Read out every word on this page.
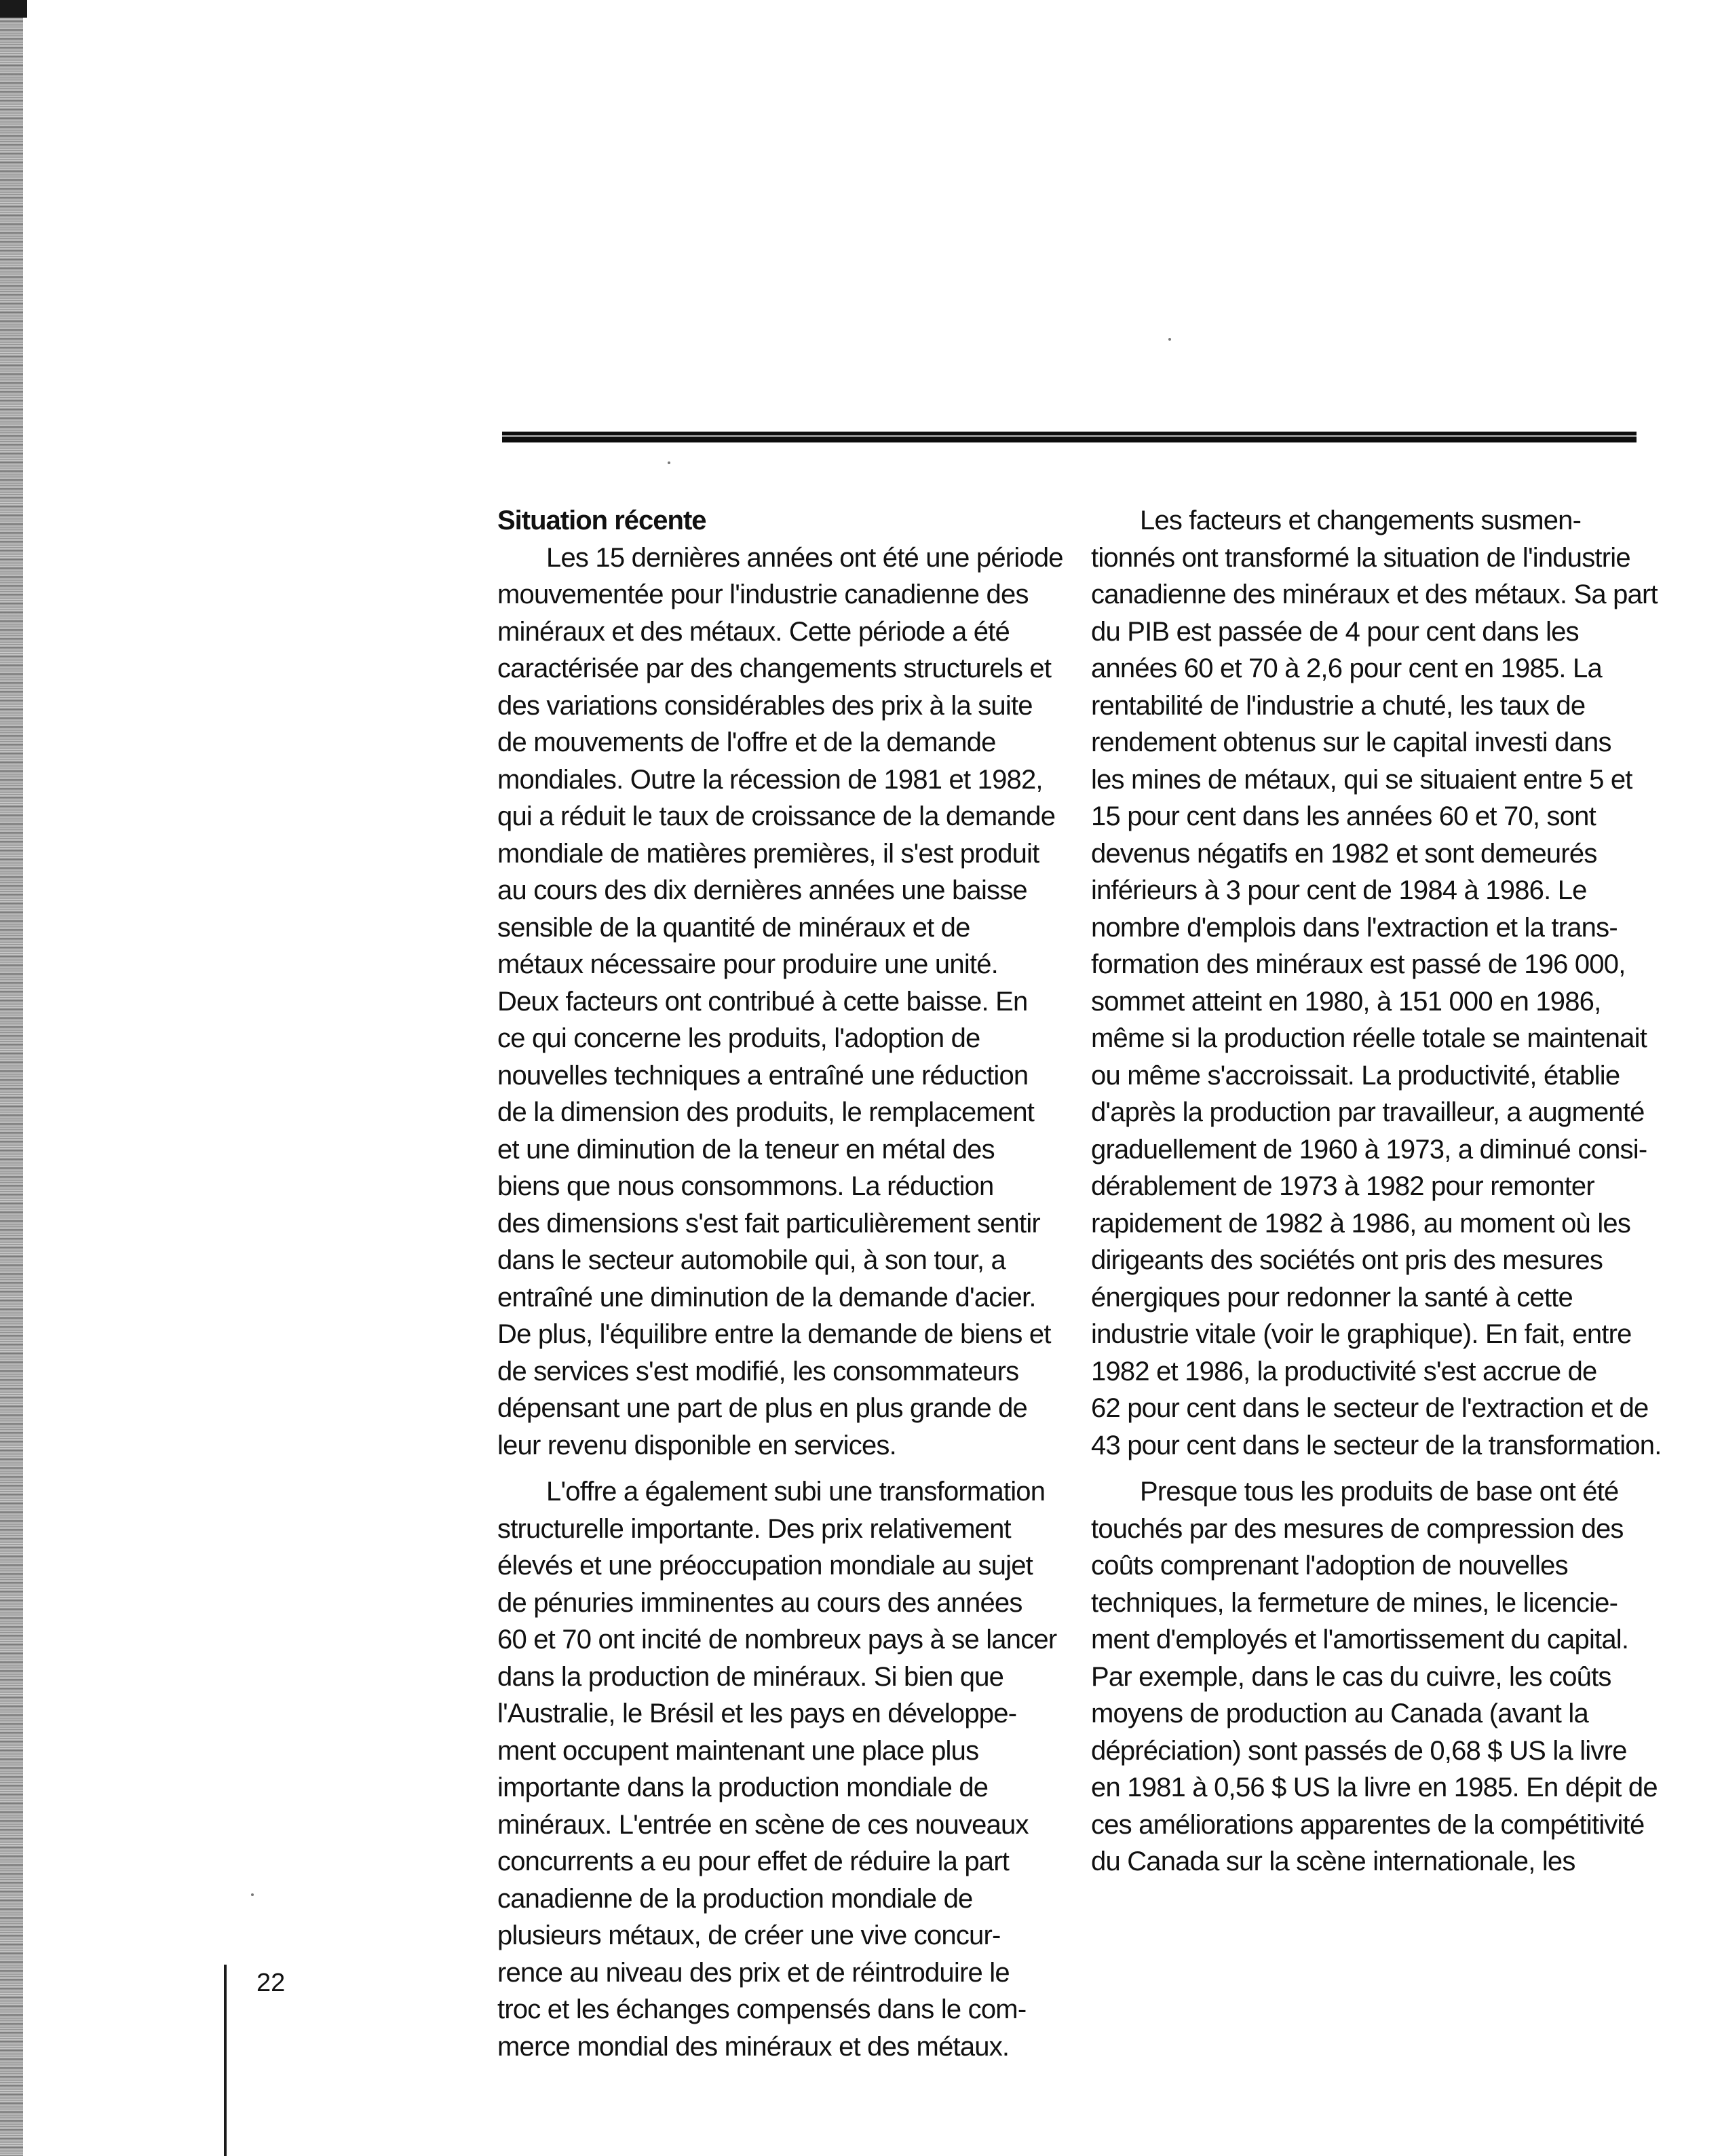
Situation récente

Les 15 dernières années ont été une période
mouvementée pour l'industrie canadienne des
minéraux et des métaux. Cette période a été
caractérisée par des changements structurels et
des variations considérables des prix à la suite
de mouvements de l'offre et de la demande
mondiales. Outre la récession de 1981 et 1982,
qui a réduit le taux de croissance de la demande
mondiale de matières premières, il s'est produit
au cours des dix dernières années une baisse
sensible de la quantité de minéraux et de
métaux nécessaire pour produire une unité.
Deux facteurs ont contribué à cette baisse. En
ce qui concerne les produits, l'adoption de
nouvelles techniques a entraîné une réduction
de la dimension des produits, le remplacement
et une diminution de la teneur en métal des
biens que nous consommons. La réduction
des dimensions s'est fait particulièrement sentir
dans le secteur automobile qui, à son tour, a
entraîné une diminution de la demande d'acier.
De plus, l'équilibre entre la demande de biens et
de services s'est modifié, les consommateurs
dépensant une part de plus en plus grande de
leur revenu disponible en services.

L'offre a également subi une transformation
structurelle importante. Des prix relativement
élevés et une préoccupation mondiale au sujet
de pénuries imminentes au cours des années
60 et 70 ont incité de nombreux pays à se lancer
dans la production de minéraux. Si bien que
l'Australie, le Brésil et les pays en développe-
ment occupent maintenant une place plus
importante dans la production mondiale de
minéraux. L'entrée en scène de ces nouveaux
concurrents a eu pour effet de réduire la part
canadienne de la production mondiale de
plusieurs métaux, de créer une vive concur-
rence au niveau des prix et de réintroduire le
troc et les échanges compensés dans le com-
merce mondial des minéraux et des métaux.

Les facteurs et changements susmen-
tionnés ont transformé la situation de l'industrie
canadienne des minéraux et des métaux. Sa part
du PIB est passée de 4 pour cent dans les
années 60 et 70 à 2,6 pour cent en 1985. La
rentabilité de l'industrie a chuté, les taux de
rendement obtenus sur le capital investi dans
les mines de métaux, qui se situaient entre 5 et
15 pour cent dans les années 60 et 70, sont
devenus négatifs en 1982 et sont demeurés
inférieurs à 3 pour cent de 1984 à 1986. Le
nombre d'emplois dans l'extraction et la trans-
formation des minéraux est passé de 196 000,
sommet atteint en 1980, à 151 000 en 1986,
même si la production réelle totale se maintenait
ou même s'accroissait. La productivité, établie
d'après la production par travailleur, a augmenté
graduellement de 1960 à 1973, a diminué consi-
dérablement de 1973 à 1982 pour remonter
rapidement de 1982 à 1986, au moment où les
dirigeants des sociétés ont pris des mesures
énergiques pour redonner la santé à cette
industrie vitale (voir le graphique). En fait, entre
1982 et 1986, la productivité s'est accrue de
62 pour cent dans le secteur de l'extraction et de
43 pour cent dans le secteur de la transformation.

Presque tous les produits de base ont été
touchés par des mesures de compression des
coûts comprenant l'adoption de nouvelles
techniques, la fermeture de mines, le licencie-
ment d'employés et l'amortissement du capital.
Par exemple, dans le cas du cuivre, les coûts
moyens de production au Canada (avant la
dépréciation) sont passés de 0,68 $ US la livre
en 1981 à 0,56 $ US la livre en 1985. En dépit de
ces améliorations apparentes de la compétitivité
du Canada sur la scène internationale, les

22
